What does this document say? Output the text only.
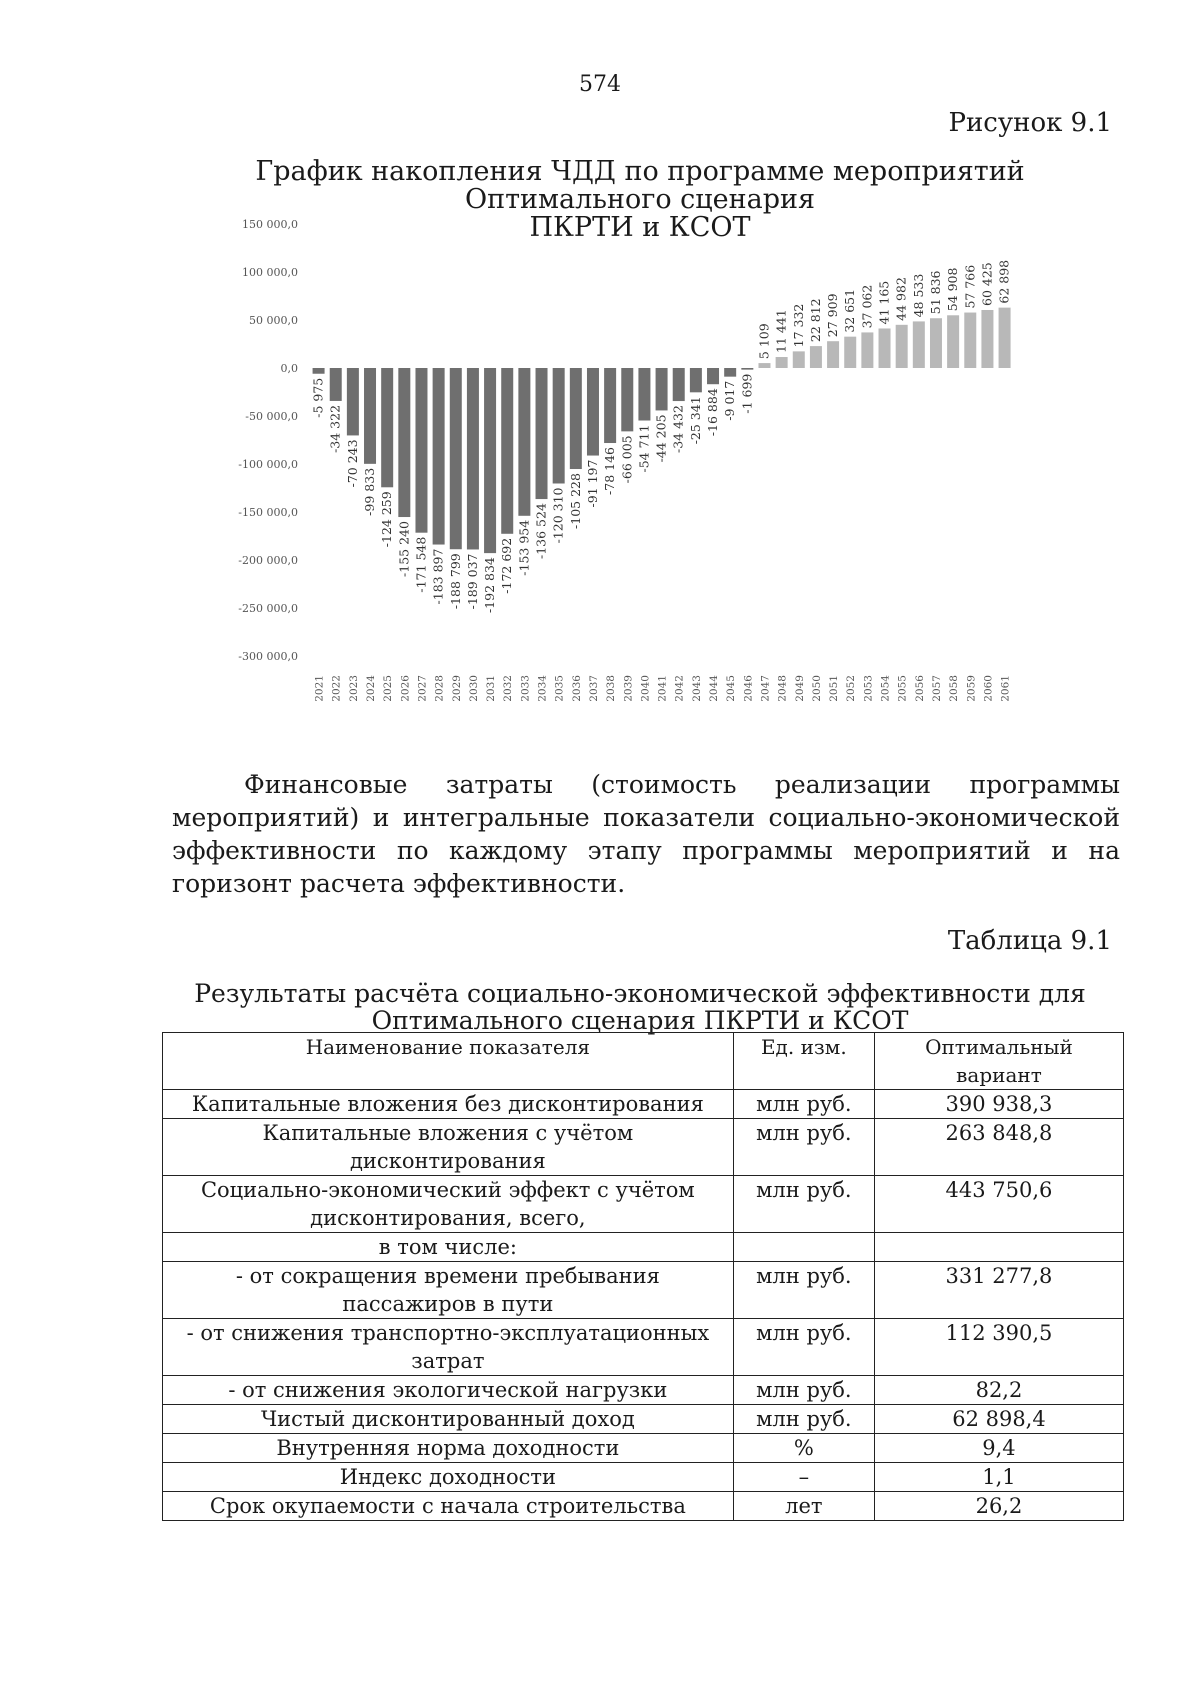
574
Рисунок 9.1
График накопления ЧДД по программе мероприятий Оптимального сценария
ПКРТИ и КСОТ
150 000,0
100 000,0
50 000,0
0,0
-50 000,0
-100 000,0
-150 000,0
-200 000,0
-250 000,0
-300 000,0
-5 975
2021
-34 322
2022
-70 243
2023
-99 833
2024
-124 259
2025
-155 240
2026
-171 548
2027
-183 897
2028
-188 799
2029
-189 037
2030
-192 834
2031
-172 692
2032
-153 954
2033
-136 524
2034
-120 310
2035
-105 228
2036
-91 197
2037
-78 146
2038
-66 005
2039
-54 711
2040
-44 205
2041
-34 432
2042
-25 341
2043
-16 884
2044
-9 017
2045
-1 699
2046
5 109
2047
11 441
2048
17 332
2049
22 812
2050
27 909
2051
32 651
2052
37 062
2053
41 165
2054
44 982
2055
48 533
2056
51 836
2057
54 908
2058
57 766
2059
60 425
2060
62 898
2061
Финансовые затраты (стоимость реализации программы мероприятий) и интегральные показатели социально-экономической эффективности по каждому этапу программы мероприятий и на горизонт расчета эффективности.
Таблица 9.1
Результаты расчёта социально-экономической эффективности для
Оптимального сценария ПКРТИ и КСОТ
Наименование показателя	Ед. изм.	Оптимальный вариант
Капитальные вложения без дисконтирования	млн руб.	390 938,3
Капитальные вложения с учётом дисконтирования	млн руб.	263 848,8
Социально-экономический эффект с учётом дисконтирования, всего,	млн руб.	443 750,6
в том числе:		
- от сокращения времени пребывания пассажиров в пути	млн руб.	331 277,8
- от снижения транспортно-эксплуатационных затрат	млн руб.	112 390,5
- от снижения экологической нагрузки	млн руб.	82,2
Чистый дисконтированный доход	млн руб.	62 898,4
Внутренняя норма доходности	%	9,4
Индекс доходности	–	1,1
Срок окупаемости с начала строительства	лет	26,2
